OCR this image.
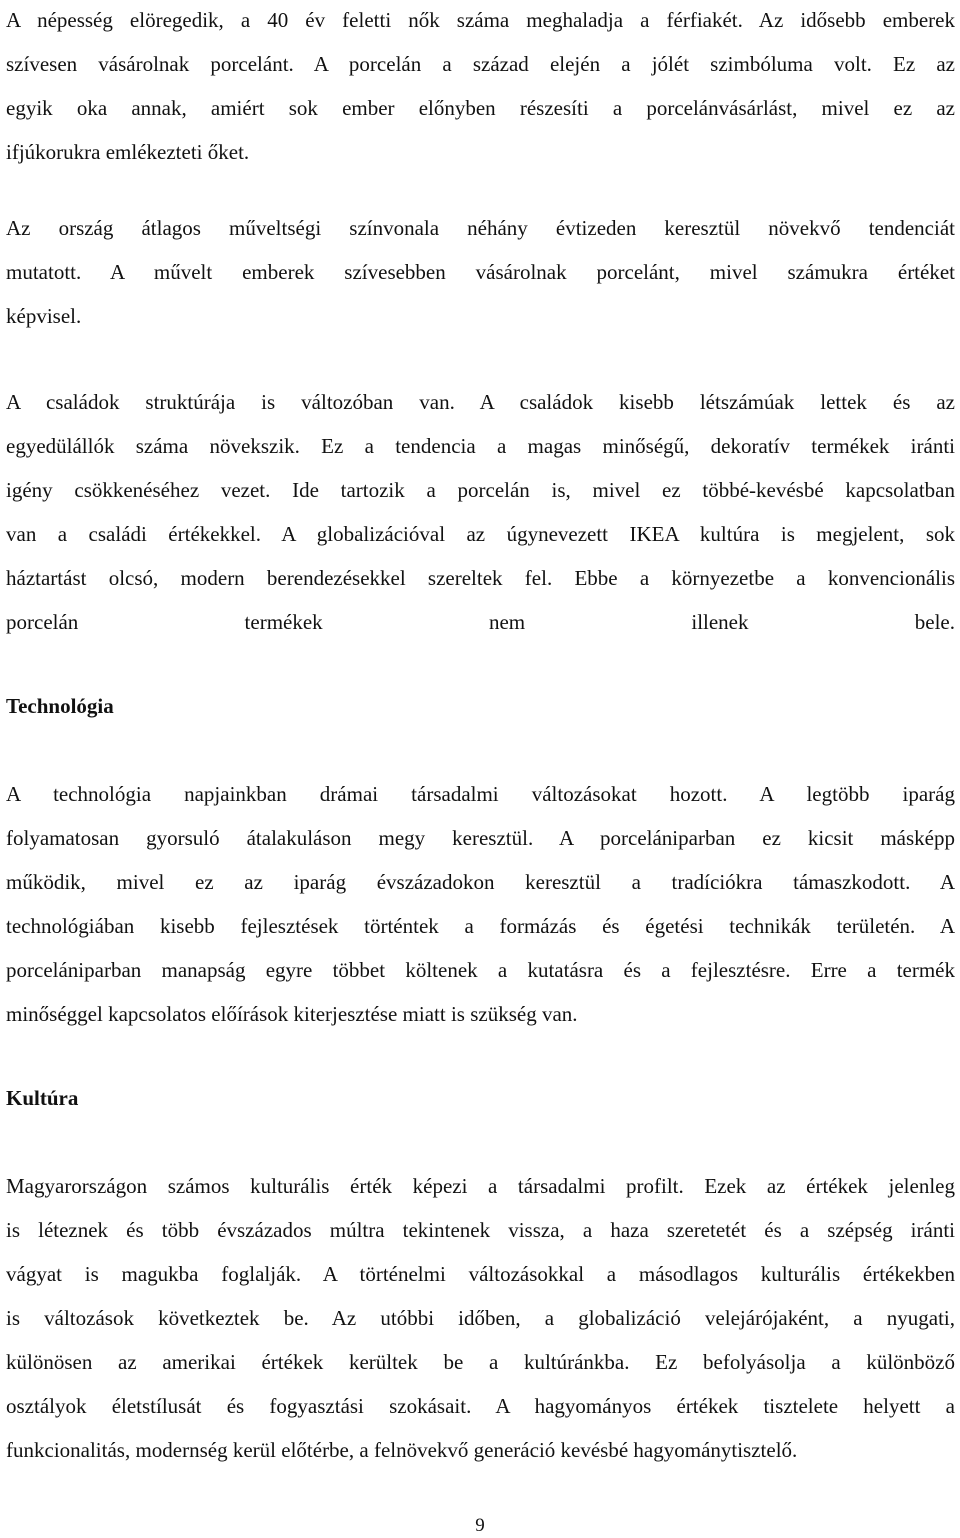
A népesség elöregedik, a 40 év feletti nők száma meghaladja a férfiakét. Az idősebb emberek
szívesen vásárolnak porcelánt. A porcelán a század elején a jólét szimbóluma volt. Ez az
egyik oka annak, amiért sok ember előnyben részesíti a porcelánvásárlást, mivel ez az
ifjúkorukra emlékezteti őket.
Az ország átlagos műveltségi színvonala néhány évtizeden keresztül növekvő tendenciát
mutatott. A művelt emberek szívesebben vásárolnak porcelánt, mivel számukra értéket
képvisel.
A családok struktúrája is változóban van. A családok kisebb létszámúak lettek és az
egyedülállók száma növekszik. Ez a tendencia a magas minőségű, dekoratív termékek iránti
igény csökkenéséhez vezet. Ide tartozik a porcelán is, mivel ez többé-kevésbé kapcsolatban
van a családi értékekkel. A globalizációval az úgynevezett IKEA kultúra is megjelent, sok
háztartást olcsó, modern berendezésekkel szereltek fel. Ebbe a környezetbe a konvencionális
porcelán termékek nem illenek bele.
Technológia
A technológia napjainkban drámai társadalmi változásokat hozott. A legtöbb iparág
folyamatosan gyorsuló átalakuláson megy keresztül. A porcelániparban ez kicsit másképp
működik, mivel ez az iparág évszázadokon keresztül a tradíciókra támaszkodott. A
technológiában kisebb fejlesztések történtek a formázás és égetési technikák területén. A
porcelániparban manapság egyre többet költenek a kutatásra és a fejlesztésre. Erre a termék
minőséggel kapcsolatos előírások kiterjesztése miatt is szükség van.
Kultúra
Magyarországon számos kulturális érték képezi a társadalmi profilt. Ezek az értékek jelenleg
is léteznek és több évszázados múltra tekintenek vissza, a haza szeretetét és a szépség iránti
vágyat is magukba foglalják. A történelmi változásokkal a másodlagos kulturális értékekben
is változások következtek be. Az utóbbi időben, a globalizáció velejárójaként, a nyugati,
különösen az amerikai értékek kerültek be a kultúránkba. Ez befolyásolja a különböző
osztályok életstílusát és fogyasztási szokásait. A hagyományos értékek tisztelete helyett a
funkcionalitás, modernség kerül előtérbe, a felnövekvő generáció kevésbé hagyománytisztelő.
9
